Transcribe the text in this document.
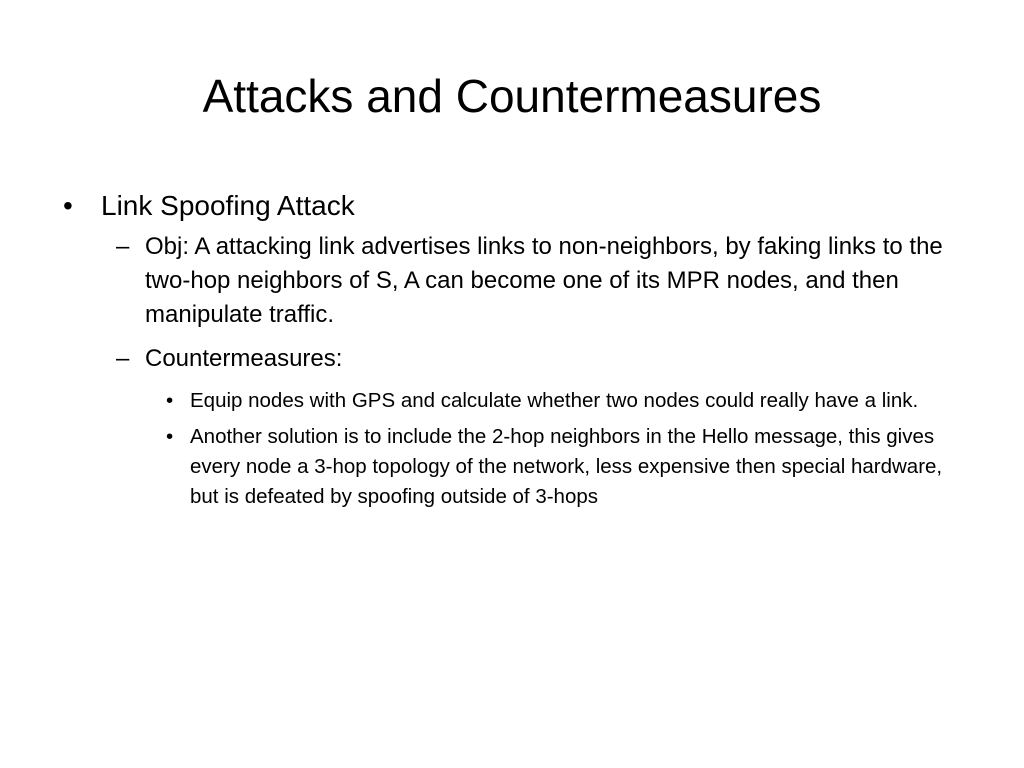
Attacks and Countermeasures
• Link Spoofing Attack
– Obj: A attacking link advertises links to non-neighbors, by faking links to the two-hop neighbors of S, A can become one of its MPR nodes, and then manipulate traffic.
– Countermeasures:
• Equip nodes with GPS and calculate whether two nodes could really have a link.
• Another solution is to include the 2-hop neighbors in the Hello message, this gives every node a 3-hop topology of the network, less expensive then special hardware, but is defeated by spoofing outside of 3-hops
